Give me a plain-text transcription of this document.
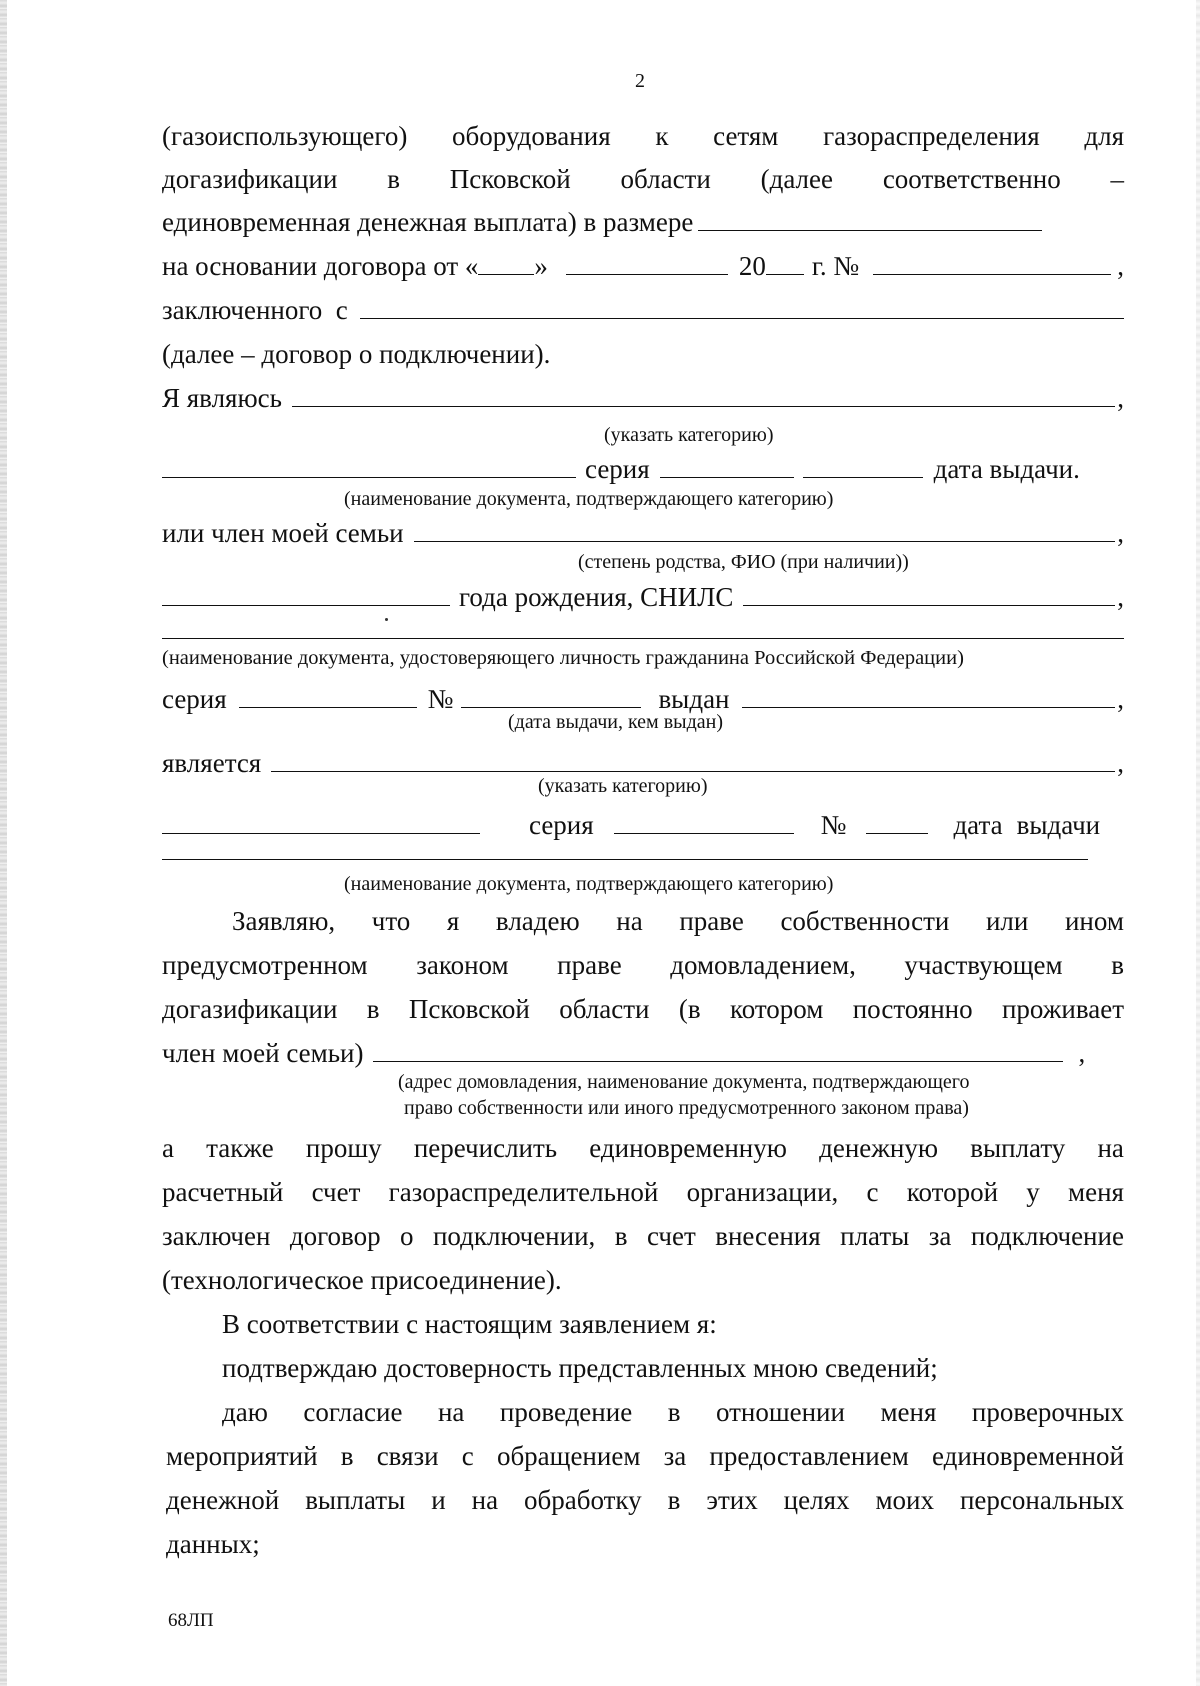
2
(газоиспользующего) оборудования к сетям газораспределения для
догазификации в Псковской области (далее соответственно –
единовременная денежная выплата) в размере
на основании договора от « »	20 г. №	,
заключенного  с
(далее – договор о подключении).
Я являюсь	,
(указать категорию)
серия	дата выдачи.
(наименование документа, подтверждающего категорию)
или член моей семьи	,
(степень родства, ФИО (при наличии))
года рождения, СНИЛС	,
(наименование документа, удостоверяющего личность гражданина Российской Федерации)
серия	№	выдан	,
(дата выдачи, кем выдан)
является	,
(указать категорию)
серия	№	дата выдачи
(наименование документа, подтверждающего категорию)
Заявляю, что я владею на праве собственности или ином
предусмотренном законом праве домовладением, участвующем в
догазификации в Псковской области (в котором постоянно проживает
член моей семьи)	,
(адрес домовладения, наименование документа, подтверждающего
право собственности или иного предусмотренного законом права)
а также прошу перечислить единовременную денежную выплату на
расчетный счет газораспределительной организации, с которой у меня
заключен договор о подключении, в счет внесения платы за подключение
(технологическое присоединение).
В соответствии с настоящим заявлением я:
подтверждаю достоверность представленных мною сведений;
даю согласие на проведение в отношении меня проверочных
мероприятий в связи с обращением за предоставлением единовременной
денежной выплаты и на обработку в этих целях моих персональных
данных;
68ЛП
